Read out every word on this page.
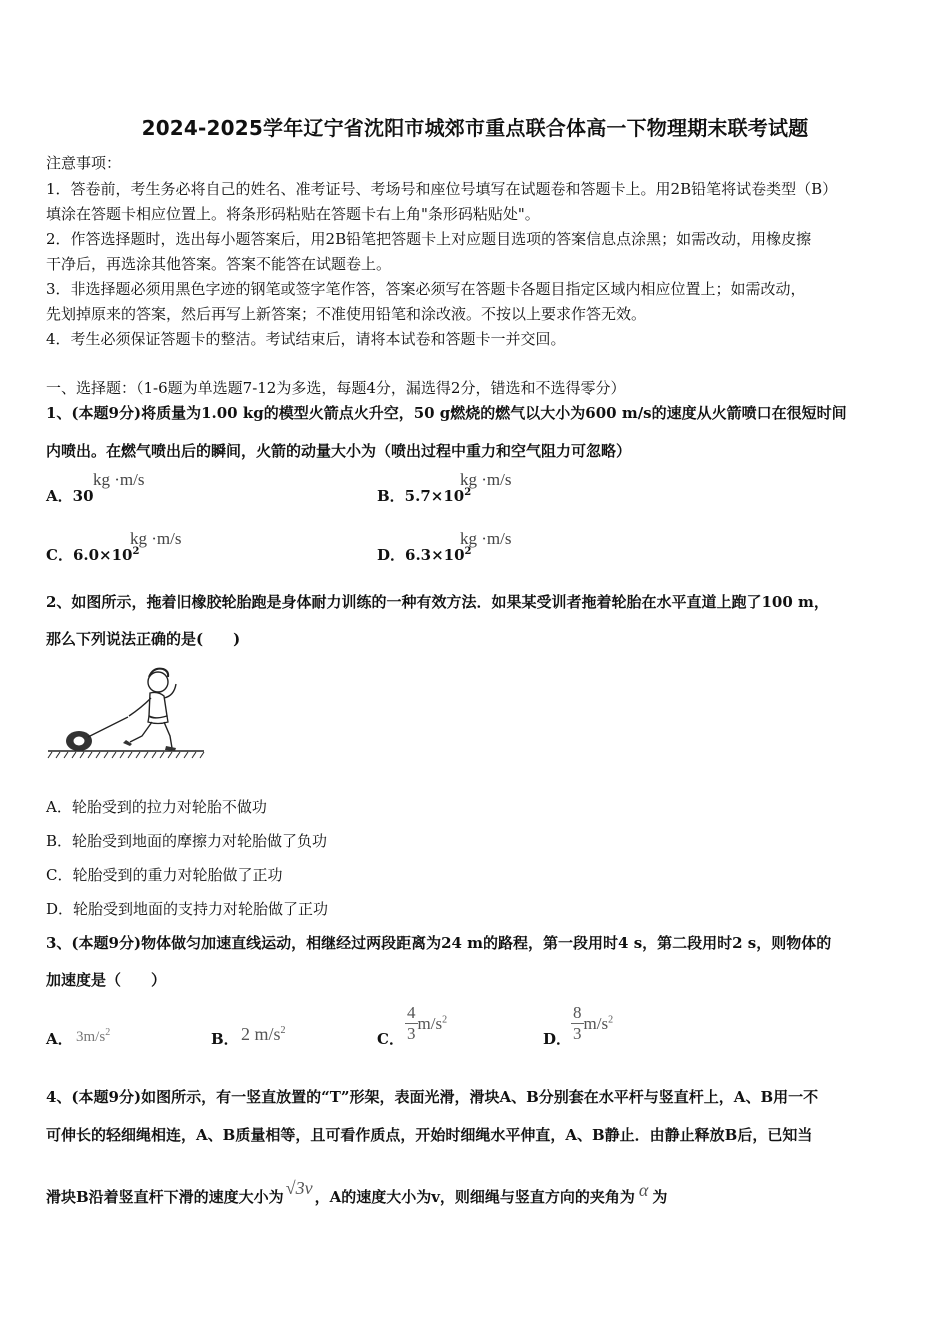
2024-2025学年辽宁省沈阳市城郊市重点联合体高一下物理期末联考试题
注意事项：
1．答卷前，考生务必将自己的姓名、准考证号、考场号和座位号填写在试题卷和答题卡上。用2B铅笔将试卷类型（B）
填涂在答题卡相应位置上。将条形码粘贴在答题卡右上角"条形码粘贴处"。
2．作答选择题时，选出每小题答案后，用2B铅笔把答题卡上对应题目选项的答案信息点涂黑；如需改动，用橡皮擦
干净后，再选涂其他答案。答案不能答在试题卷上。
3．非选择题必须用黑色字迹的钢笔或签字笔作答，答案必须写在答题卡各题目指定区域内相应位置上；如需改动，
先划掉原来的答案，然后再写上新答案；不准使用铅笔和涂改液。不按以上要求作答无效。
4．考生必须保证答题卡的整洁。考试结束后，请将本试卷和答题卡一并交回。
一、选择题：（1-6题为单选题7-12为多选，每题4分，漏选得2分，错选和不选得零分）
1、(本题9分)将质量为1.00 kg的模型火箭点火升空，50 g燃烧的燃气以大小为600 m/s的速度从火箭喷口在很短时间
内喷出。在燃气喷出后的瞬间，火箭的动量大小为（喷出过程中重力和空气阻力可忽略）
A．30
kg ·m/s
B．$5.7\times 10^2$
kg ·m/s
C．$6.0\times 10^2$
kg ·m/s
D．$6.3\times 10^2$
kg ·m/s
2、如图所示，拖着旧橡胶轮胎跑是身体耐力训练的一种有效方法．如果某受训者拖着轮胎在水平直道上跑了100 m，
那么下列说法正确的是(　　)
A．轮胎受到的拉力对轮胎不做功
B．轮胎受到地面的摩擦力对轮胎做了负功
C．轮胎受到的重力对轮胎做了正功
D．轮胎受到地面的支持力对轮胎做了正功
3、(本题9分)物体做匀加速直线运动，相继经过两段距离为24 m的路程，第一段用时4 s，第二段用时2 s，则物体的
加速度是（　　）
A． $3m/s^2$	B． 2 $m/s^2$	C． $\frac{4}{3} m/s^2$
D． $\frac{8}{3} m/s^2$
4、(本题9分)如图所示，有一竖直放置的“T”形架，表面光滑，滑块A、B分别套在水平杆与竖直杆上，A、B用一不
可伸长的轻细绳相连，A、B质量相等，且可看作质点，开始时细绳水平伸直，A、B静止．由静止释放B后，已知当
滑块B沿着竖直杆下滑的速度大小为 √3v ，A的速度大小为v，则细绳与竖直方向的夹角为 α 为
